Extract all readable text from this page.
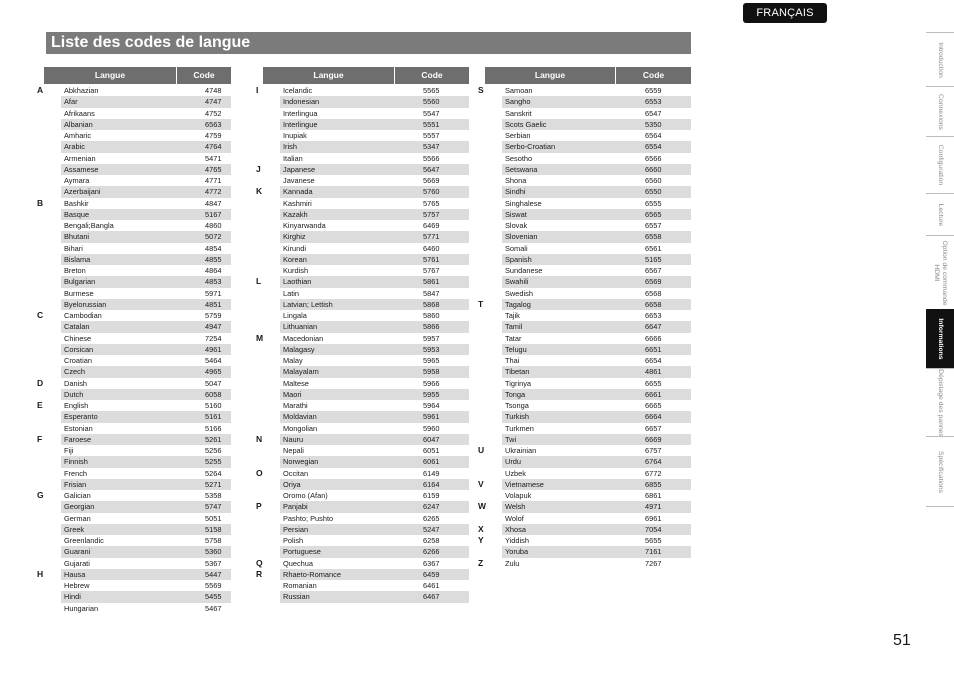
FRANÇAIS
Liste des codes de langue
Langue	Code
A	Abkhazian	4748
Afar	4747
Afrikaans	4752
Albanian	6563
Amharic	4759
Arabic	4764
Armenian	5471
Assamese	4765
Aymara	4771
Azerbaijani	4772
B	Bashkir	4847
Basque	5167
Bengali;Bangla	4860
Bhutani	5072
Bihari	4854
Bislama	4855
Breton	4864
Bulgarian	4853
Burmese	5971
Byelorussian	4851
C	Cambodian	5759
Catalan	4947
Chinese	7254
Corsican	4961
Croatian	5464
Czech	4965
D	Danish	5047
Dutch	6058
E	English	5160
Esperanto	5161
Estonian	5166
F	Faroese	5261
Fiji	5256
Finnish	5255
French	5264
Frisian	5271
G	Galician	5358
Georgian	5747
German	5051
Greek	5158
Greenlandic	5758
Guarani	5360
Gujarati	5367
H	Hausa	5447
Hebrew	5569
Hindi	5455
Hungarian	5467
Langue	Code
I	Icelandic	5565
Indonesian	5560
Interlingua	5547
Interlingue	5551
Inupiak	5557
Irish	5347
Italian	5566
J	Japanese	5647
Javanese	5669
K	Kannada	5760
Kashmiri	5765
Kazakh	5757
Kinyarwanda	6469
Kirghiz	5771
Kirundi	6460
Korean	5761
Kurdish	5767
L	Laothian	5861
Latin	5847
Latvian; Lettish	5868
Lingala	5860
Lithuanian	5866
M	Macedonian	5957
Malagasy	5953
Malay	5965
Malayalam	5958
Maltese	5966
Maori	5955
Marathi	5964
Moldavian	5961
Mongolian	5960
N	Nauru	6047
Nepali	6051
Norwegian	6061
O	Occitan	6149
Oriya	6164
Oromo (Afan)	6159
P	Panjabi	6247
Pashto; Pushto	6265
Persian	5247
Polish	6258
Portuguese	6266
Q	Quechua	6367
R	Rhaeto-Romance	6459
Romanian	6461
Russian	6467
Langue	Code
S	Samoan	6559
Sangho	6553
Sanskrit	6547
Scots Gaelic	5350
Serbian	6564
Serbo-Croatian	6554
Sesotho	6566
Setswana	6660
Shona	6560
Sindhi	6550
Singhalese	6555
Siswat	6565
Slovak	6557
Slovenian	6558
Somali	6561
Spanish	5165
Sundanese	6567
Swahili	6569
Swedish	6568
T	Tagalog	6658
Tajik	6653
Tamil	6647
Tatar	6666
Telugu	6651
Thai	6654
Tibetan	4861
Tigrinya	6655
Tonga	6661
Tsonga	6665
Turkish	6664
Turkmen	6657
Twi	6669
U	Ukrainian	6757
Urdu	6764
Uzbek	6772
V	Vietnamese	6855
Volapuk	6861
W	Welsh	4971
Wolof	6961
X	Xhosa	7054
Y	Yiddish	5655
Yoruba	7161
Z	Zulu	7267
Introduction
Connexions
Configuration
Lecture
Option de commande HDMI
Informations
Dépistage des pannes
Spécifications
51
